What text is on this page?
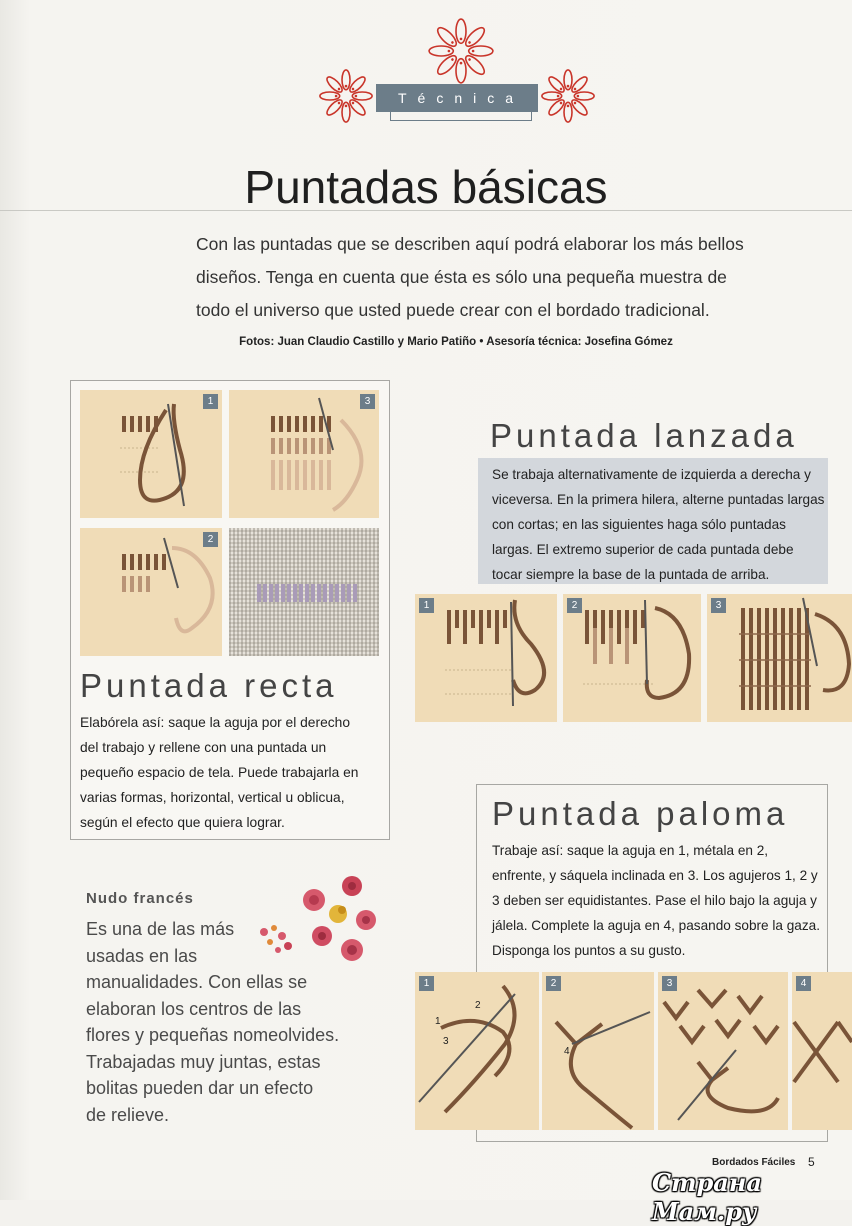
Técnica
Puntadas básicas
Con las puntadas que se describen aquí podrá elaborar los más bellos
diseños. Tenga en cuenta que ésta es sólo una pequeña muestra de
todo el universo que usted puede crear con el bordado tradicional.
Fotos: Juan Claudio Castillo y Mario Patiño • Asesoría técnica: Josefina Gómez
1	3
2
Puntada recta
Elabórela así: saque la aguja por el derecho
del trabajo y rellene con una puntada un
pequeño espacio de tela. Puede trabajarla en
varias formas, horizontal, vertical u oblicua,
según el efecto que quiera lograr.
Nudo francés
Es una de las más
usadas en las
manualidades. Con ellas se
elaboran los centros de las
flores y pequeñas nomeolvides.
Trabajadas muy juntas, estas
bolitas pueden dar un efecto
de relieve.
Puntada lanzada
Se trabaja alternativamente de izquierda a derecha y
viceversa. En la primera hilera, alterne puntadas largas
con cortas; en las siguientes haga sólo puntadas
largas. El extremo superior de cada puntada debe
tocar siempre la base de la puntada de arriba.
1	2	3
Puntada paloma
Trabaje así: saque la aguja en 1, métala en 2,
enfrente, y sáquela inclinada en 3. Los agujeros 1, 2 y
3 deben ser equidistantes. Pase el hilo bajo la aguja y
jálela. Complete la aguja en 4, pasando sobre la gaza.
Disponga los puntos a su gusto.
1
2
3
1
4
2	3	4
Bordados Fáciles 5
Страна Мам.ру
